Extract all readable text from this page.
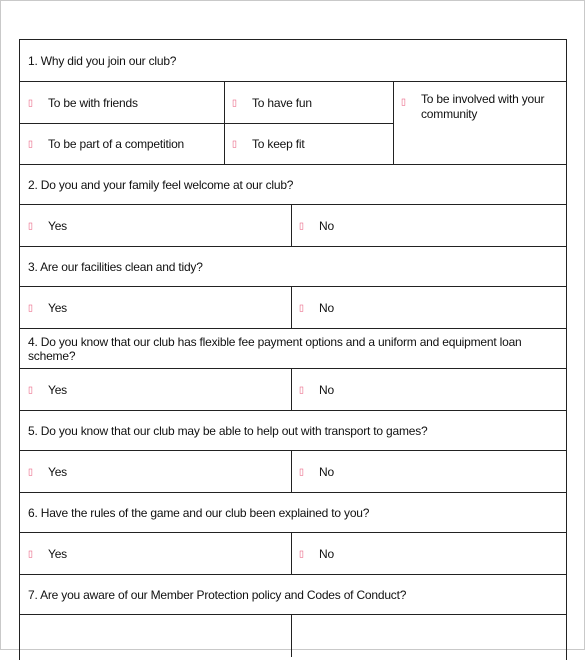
1. Why did you join our club?
▯ To be with friends	▯ To have fun	▯ To be involved with your community
▯ To be part of a competition	▯ To keep fit
2. Do you and your family feel welcome at our club?
▯ Yes	▯ No
3. Are our facilities clean and tidy?
▯ Yes	▯ No
4. Do you know that our club has flexible fee payment options and a uniform and equipment loan scheme?
▯ Yes	▯ No
5. Do you know that our club may be able to help out with transport to games?
▯ Yes	▯ No
6. Have the rules of the game and our club been explained to you?
▯ Yes	▯ No
7. Are you aware of our Member Protection policy and Codes of Conduct?
